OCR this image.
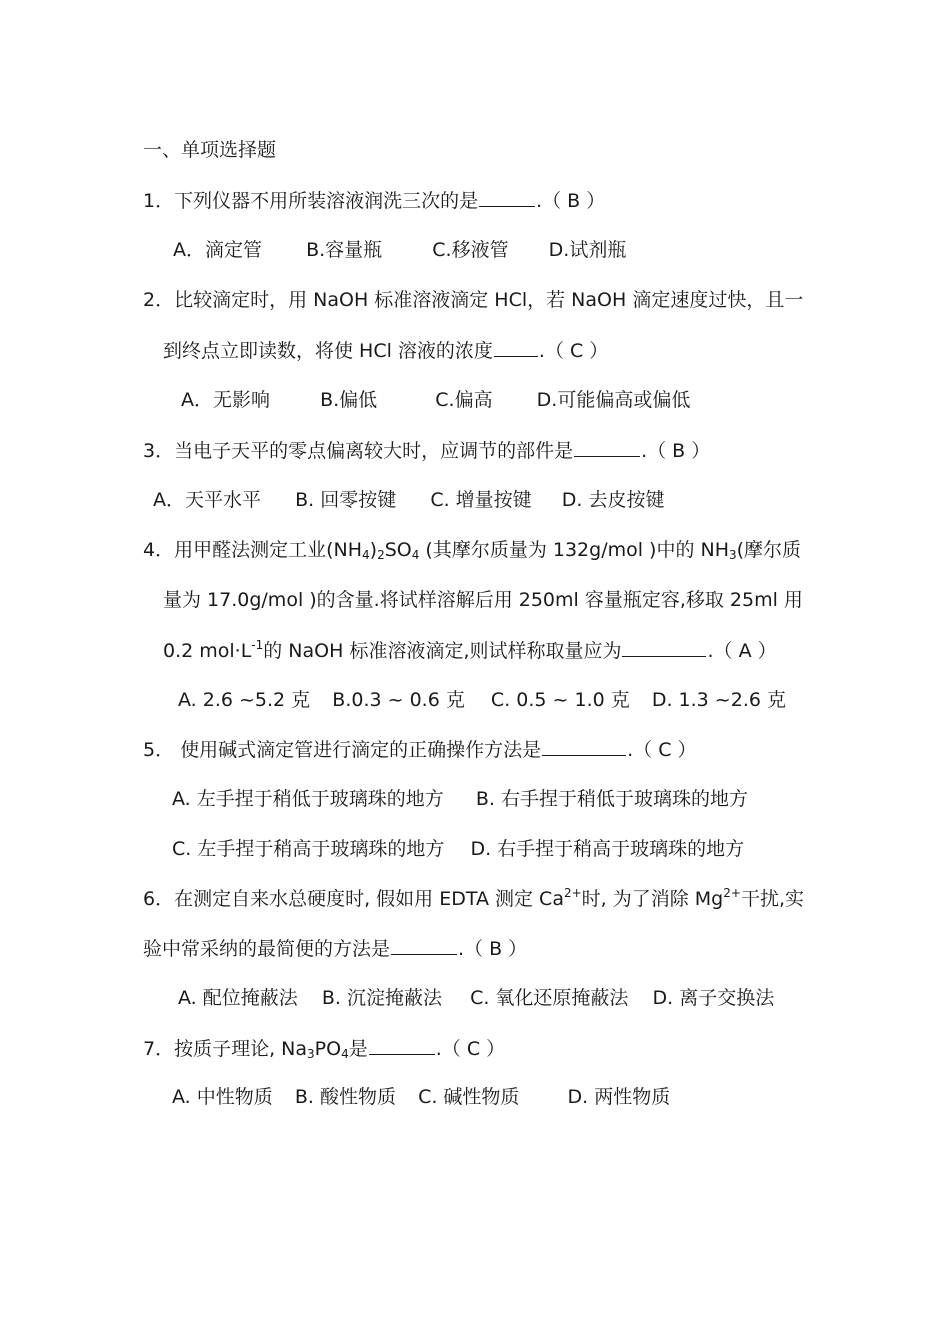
一、单项选择题
1．下列仪器不用所装溶液润洗三次的是	.（ B ）
A．滴定管 B.容量瓶	C.移液管 D.试剂瓶
2．比较滴定时，用 NaOH 标准溶液滴定 HCl，若 NaOH 滴定速度过快，且一
到终点立即读数，将使 HCl 溶液的浓度 .（ C ）
A．无影响	B.偏低	C.偏高 D.可能偏高或偏低
3．当电子天平的零点偏离较大时，应调节的部件是	.（ B ）
A．天平水平 B. 回零按键 C. 增量按键 D. 去皮按键
4．用甲醛法测定工业$(NH_4)_2SO_4$ (其摩尔质量为 132g/mol )中的 $NH_3$(摩尔质
量为 17.0g/mol )的含量.将试样溶解后用 250ml 容量瓶定容,移取 25ml 用
0.2 $mol\cdot L^{-1}$的 NaOH 标准溶液滴定,则试样称取量应为	.（ A ）
A. 2.6 ~5.2 克 B.0.3 ~ 0.6 克 C. 0.5 ~ 1.0 克 D. 1.3 ~2.6 克
5． 使用碱式滴定管进行滴定的正确操作方法是	.（ C ）
A. 左手捏于稍低于玻璃珠的地方 B. 右手捏于稍低于玻璃珠的地方
C. 左手捏于稍高于玻璃珠的地方 D. 右手捏于稍高于玻璃珠的地方
6．在测定自来水总硬度时, 假如用 EDTA 测定 $Ca^{2+}$时, 为了消除 $Mg^{2+}$干扰,实
验中常采纳的最简便的方法是	.（ B ）
A. 配位掩蔽法 B. 沉淀掩蔽法 C. 氧化还原掩蔽法 D. 离子交换法
7．按质子理论, $Na_3PO_4$是	.（ C ）
A. 中性物质 B. 酸性物质 C. 碱性物质	D. 两性物质
